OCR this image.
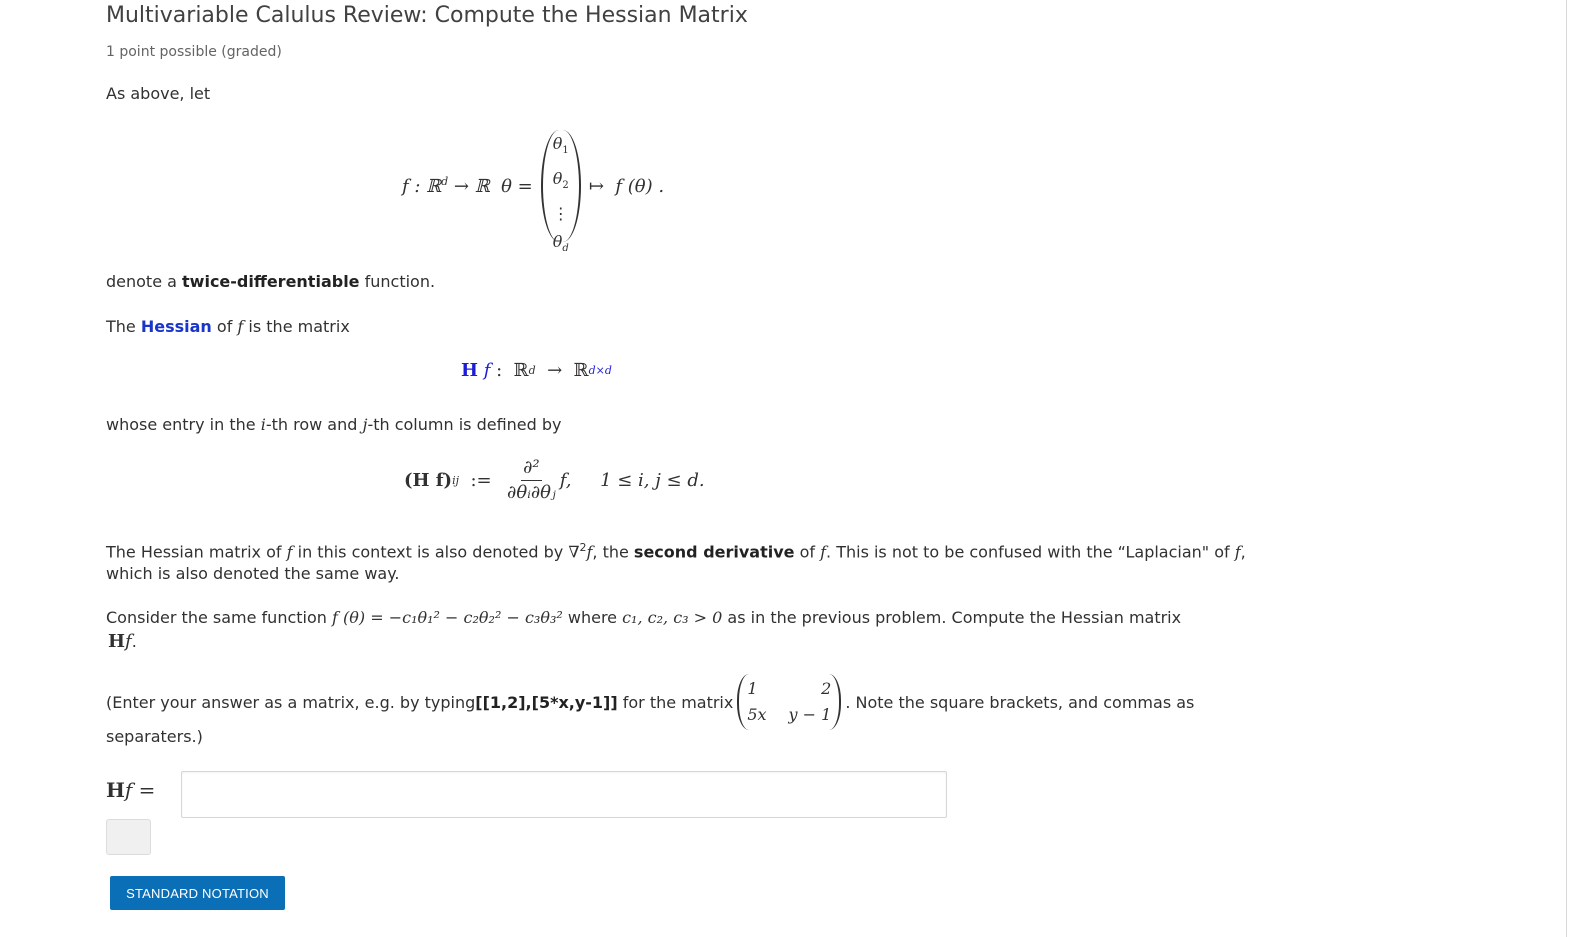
Multivariable Calulus Review: Compute the Hessian Matrix
1 point possible (graded)
As above, let
f : ℝ$^d$ → ℝ  θ =
$\theta_1$
$\theta_2$
⋮
$\theta_d$
↦  f (θ) .
denote a twice-differentiable function.
The Hessian of f is the matrix
H
f :  ℝ d →  ℝ d×d
whose entry in the i-th row and j-th column is defined by
(H f) ij := $\frac{\text{∂²}}{\text{∂θᵢ∂θⱼ}} f$,     1 ≤ i, j ≤ d.
The Hessian matrix of f in this context is also denoted by ∇$^2$f, the second derivative of f. This is not to be confused with the “Laplacian" of f,
which is also denoted the same way.
Consider the same function f (θ) = −c₁θ₁² − c₂θ₂² − c₃θ₃² where c₁, c₂, c₃ > 0 as in the previous problem. Compute the Hessian matrix
Hf.
(Enter your answer as a matrix, e.g. by typing [[1,2],[5*x,y-1]] for the matrix
1	2
5x y − 1
. Note the square brackets, and commas as
separaters.)
Hf =
STANDARD NOTATION
